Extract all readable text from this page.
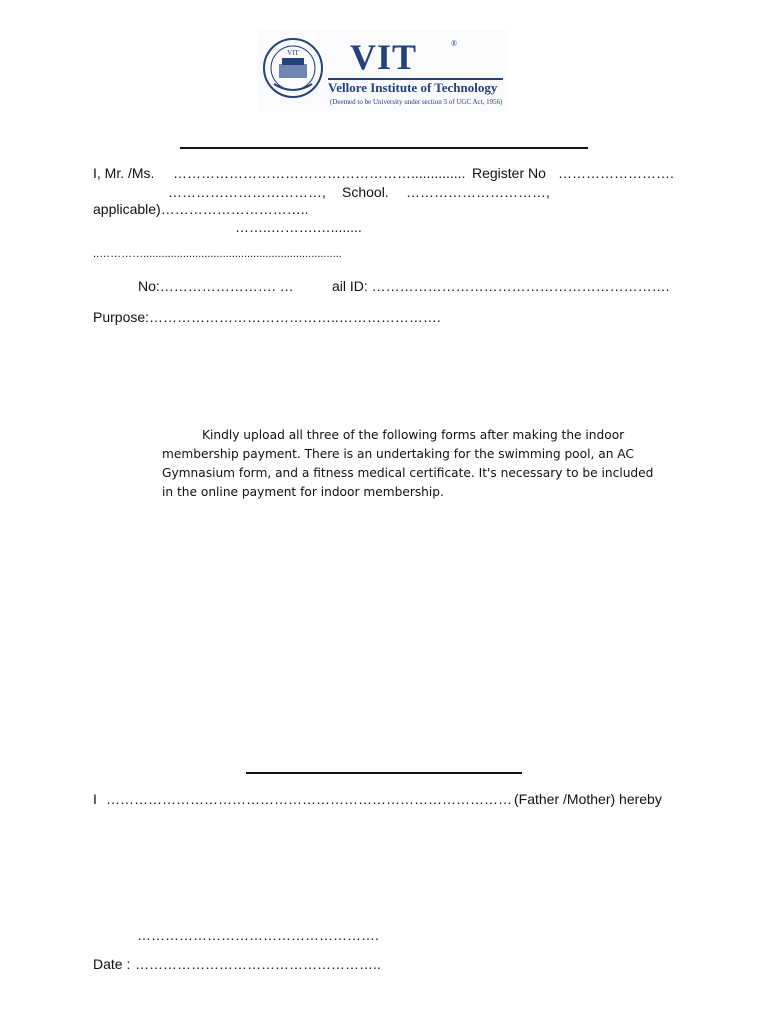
VIT VIT	®
Vellore Institute of Technology
(Deemed to be University under section 3 of UGC Act, 1956)
I, Mr. /Ms. …………………………………………….............. Register No …………………….
……………………………, School. …………………………,
applicable)…………………………..
……..……….…........
..………….................................................................
No:……………………. …	ail ID: ……………………………………………………….
Purpose:…………………………………..………………….
Kindly upload all three of the following forms after making the indoor membership payment. There is an undertaking for the swimming pool, an AC Gymnasium form, and a fitness medical certificate. It's necessary to be included in the online payment for indoor membership.
I …………………………………………………………………………… (Father /Mother) hereby
…………………………………………….
Date : ……………………………………………..
